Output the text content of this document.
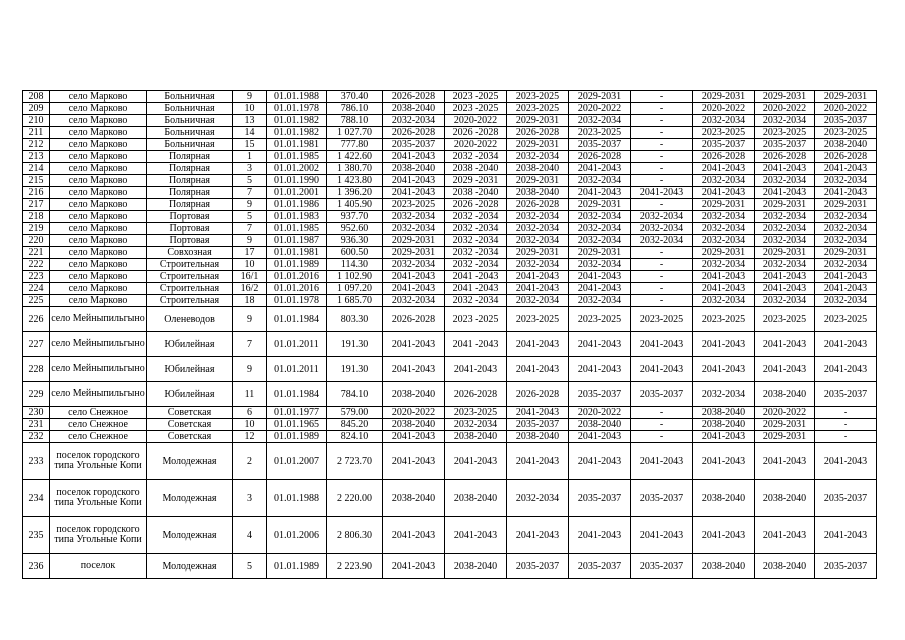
208	село Марково	Больничная	9	01.01.1988	370.40	2026-2028	2023 -2025	2023-2025	2029-2031	-	2029-2031	2029-2031	2029-2031
209	село Марково	Больничная	10	01.01.1978	786.10	2038-2040	2023 -2025	2023-2025	2020-2022	-	2020-2022	2020-2022	2020-2022
210	село Марково	Больничная	13	01.01.1982	788.10	2032-2034	2020-2022	2029-2031	2032-2034	-	2032-2034	2032-2034	2035-2037
211	село Марково	Больничная	14	01.01.1982	1 027.70	2026-2028	2026 -2028	2026-2028	2023-2025	-	2023-2025	2023-2025	2023-2025
212	село Марково	Больничная	15	01.01.1981	777.80	2035-2037	2020-2022	2029-2031	2035-2037	-	2035-2037	2035-2037	2038-2040
213	село Марково	Полярная	1	01.01.1985	1 422.60	2041-2043	2032 -2034	2032-2034	2026-2028	-	2026-2028	2026-2028	2026-2028
214	село Марково	Полярная	3	01.01.2002	1 380.70	2038-2040	2038 -2040	2038-2040	2041-2043	-	2041-2043	2041-2043	2041-2043
215	село Марково	Полярная	5	01.01.1990	1 423.80	2041-2043	2029 -2031	2029-2031	2032-2034	-	2032-2034	2032-2034	2032-2034
216	село Марково	Полярная	7	01.01.2001	1 396.20	2041-2043	2038 -2040	2038-2040	2041-2043	2041-2043	2041-2043	2041-2043	2041-2043
217	село Марково	Полярная	9	01.01.1986	1 405.90	2023-2025	2026 -2028	2026-2028	2029-2031	-	2029-2031	2029-2031	2029-2031
218	село Марково	Портовая	5	01.01.1983	937.70	2032-2034	2032 -2034	2032-2034	2032-2034	2032-2034	2032-2034	2032-2034	2032-2034
219	село Марково	Портовая	7	01.01.1985	952.60	2032-2034	2032 -2034	2032-2034	2032-2034	2032-2034	2032-2034	2032-2034	2032-2034
220	село Марково	Портовая	9	01.01.1987	936.30	2029-2031	2032 -2034	2032-2034	2032-2034	2032-2034	2032-2034	2032-2034	2032-2034
221	село Марково	Совхозная	17	01.01.1981	600.50	2029-2031	2032 -2034	2029-2031	2029-2031	-	2029-2031	2029-2031	2029-2031
222	село Марково	Строительная	10	01.01.1989	114.30	2032-2034	2032 -2034	2032-2034	2032-2034	-	2032-2034	2032-2034	2032-2034
223	село Марково	Строительная	16/1	01.01.2016	1 102.90	2041-2043	2041 -2043	2041-2043	2041-2043	-	2041-2043	2041-2043	2041-2043
224	село Марково	Строительная	16/2	01.01.2016	1 097.20	2041-2043	2041 -2043	2041-2043	2041-2043	-	2041-2043	2041-2043	2041-2043
225	село Марково	Строительная	18	01.01.1978	1 685.70	2032-2034	2032 -2034	2032-2034	2032-2034	-	2032-2034	2032-2034	2032-2034
226	село Мейныпильгыно	Оленеводов	9	01.01.1984	803.30	2026-2028	2023 -2025	2023-2025	2023-2025	2023-2025	2023-2025	2023-2025	2023-2025
227	село Мейныпильгыно	Юбилейная	7	01.01.2011	191.30	2041-2043	2041 -2043	2041-2043	2041-2043	2041-2043	2041-2043	2041-2043	2041-2043
228	село Мейныпильгыно	Юбилейная	9	01.01.2011	191.30	2041-2043	2041-2043	2041-2043	2041-2043	2041-2043	2041-2043	2041-2043	2041-2043
229	село Мейныпильгыно	Юбилейная	11	01.01.1984	784.10	2038-2040	2026-2028	2026-2028	2035-2037	2035-2037	2032-2034	2038-2040	2035-2037
230	село Снежное	Советская	6	01.01.1977	579.00	2020-2022	2023-2025	2041-2043	2020-2022	-	2038-2040	2020-2022	-
231	село Снежное	Советская	10	01.01.1965	845.20	2038-2040	2032-2034	2035-2037	2038-2040	-	2038-2040	2029-2031	-
232	село Снежное	Советская	12	01.01.1989	824.10	2041-2043	2038-2040	2038-2040	2041-2043	-	2041-2043	2029-2031	-
233	поселок городского типа Угольные Копи	Молодежная	2	01.01.2007	2 723.70	2041-2043	2041-2043	2041-2043	2041-2043	2041-2043	2041-2043	2041-2043	2041-2043
234	поселок городского типа Угольные Копи	Молодежная	3	01.01.1988	2 220.00	2038-2040	2038-2040	2032-2034	2035-2037	2035-2037	2038-2040	2038-2040	2035-2037
235	поселок городского типа Угольные Копи	Молодежная	4	01.01.2006	2 806.30	2041-2043	2041-2043	2041-2043	2041-2043	2041-2043	2041-2043	2041-2043	2041-2043
236	поселок	Молодежная	5	01.01.1989	2 223.90	2041-2043	2038-2040	2035-2037	2035-2037	2035-2037	2038-2040	2038-2040	2035-2037
